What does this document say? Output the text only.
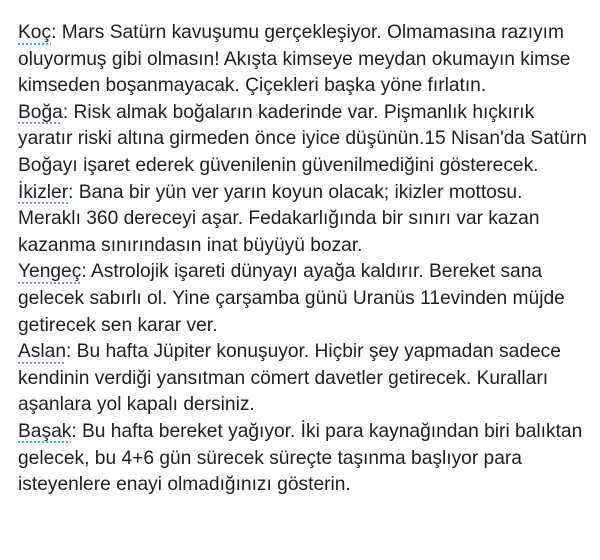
Koç: Mars Satürn kavuşumu gerçekleşiyor. Olmamasına razıyım oluyormuş gibi olmasın! Akışta kimseye meydan okumayın kimse kimseden boşanmayacak. Çiçekleri başka yöne fırlatın.

Boğa: Risk almak boğaların kaderinde var. Pişmanlık hıçkırık yaratır riski altına girmeden önce iyice düşünün.15 Nisan'da Satürn Boğayı işaret ederek güvenilenin güvenilmediğini gösterecek.

İkizler: Bana bir yün ver yarın koyun olacak; ikizler mottosu. Meraklı 360 dereceyi aşar. Fedakarlığında bir sınırı var kazan kazanma sınırındasın inat büyüyü bozar.

Yengeç: Astrolojik işareti dünyayı ayağa kaldırır. Bereket sana gelecek sabırlı ol. Yine çarşamba günü Uranüs 11evinden müjde getirecek sen karar ver.

Aslan: Bu hafta Jüpiter konuşuyor. Hiçbir şey yapmadan sadece kendinin verdiği yansıtman cömert davetler getirecek. Kuralları aşanlara yol kapalı dersiniz.

Başak: Bu hafta bereket yağıyor. İki para kaynağından biri balıktan gelecek, bu 4+6 gün sürecek süreçte taşınma başlıyor para isteyenlere enayi olmadığınızı gösterin.
